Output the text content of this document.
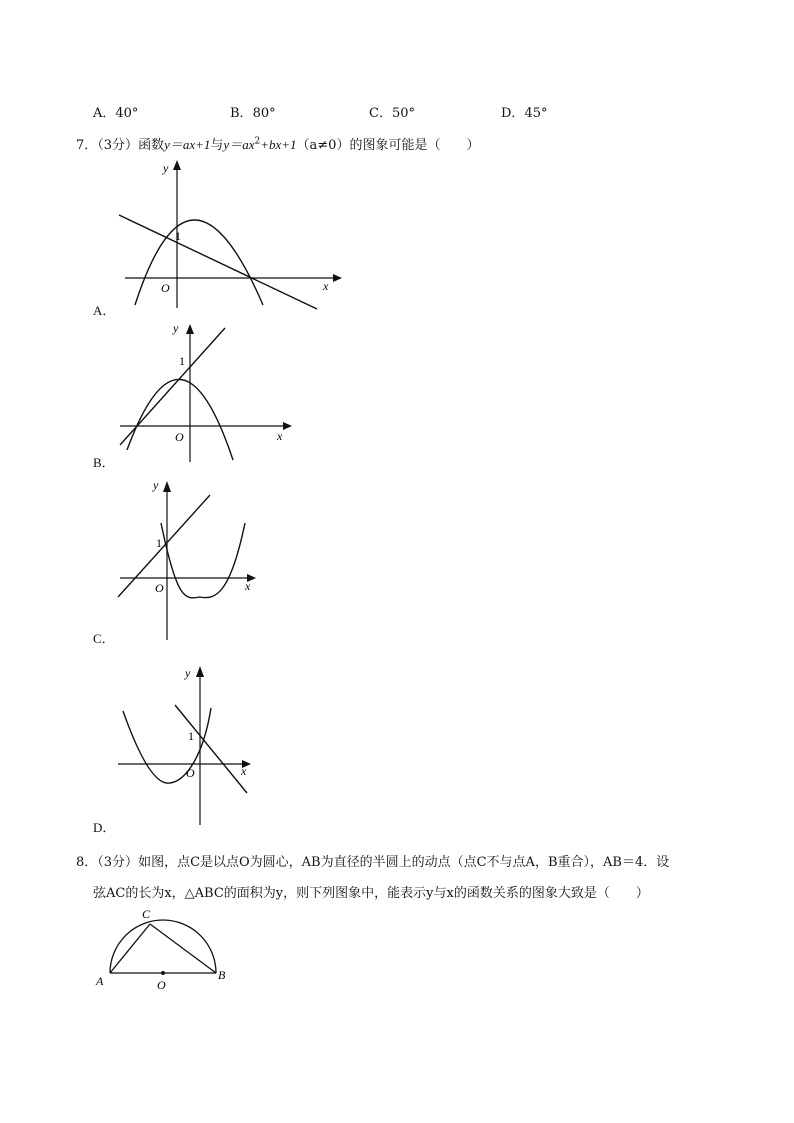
A．40°	B．80°	C．50°	D．45°
7．（3分）函数y＝ax+1与$y=ax^2+bx+1(a\ne 0)$的图象可能是（　　）
y
x
O
1
A．
y
x
O
1
B．
y
x
O
1
C．
y
x
O
1
D．
8．（3分）如图，点C是以点O为圆心，AB为直径的半圆上的动点（点C不与点A，B重合），AB＝4．设
弦AC的长为x，△ABC的面积为y，则下列图象中，能表示y与x的函数关系的图象大致是（　　）
C
A	B
O
